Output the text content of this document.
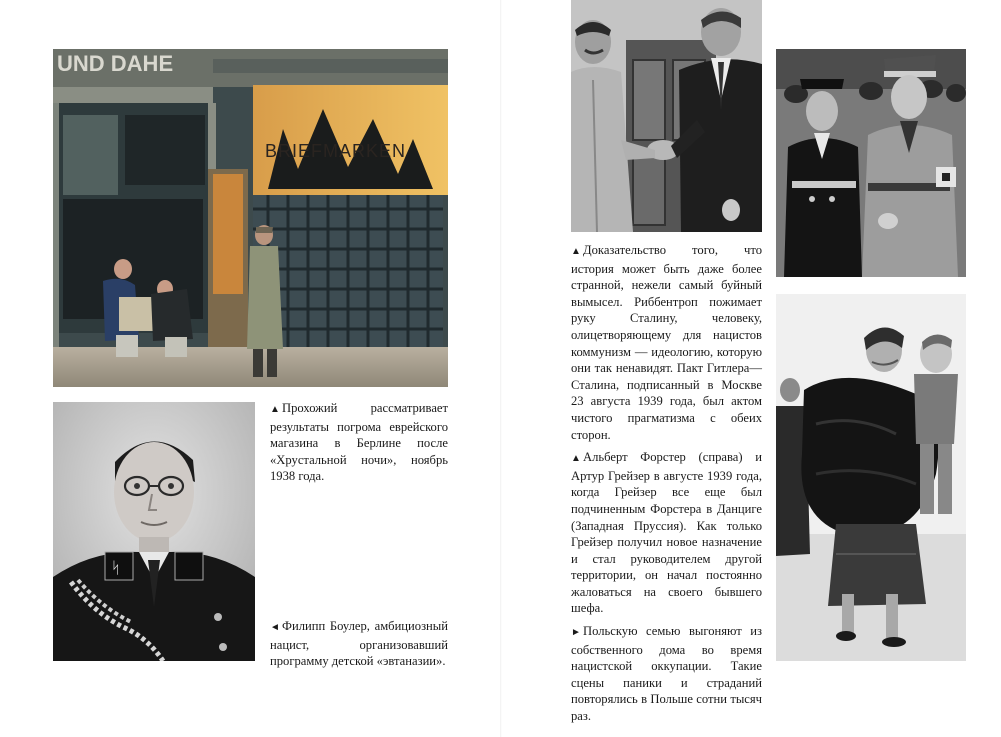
UND DAHE
BRIEFMARKEN
ᛋ

▲ Прохожий рассматривает результаты погрома еврейского магазина в Берлине после «Хрустальной ночи», ноябрь 1938 года.

◄ Филипп Боулер, амбициозный нацист, организовавший программу детской «эвтаназии».

▲ Доказательство того, что история может быть даже более странной, нежели самый буйный вымысел. Риббентроп пожимает руку Сталину, человеку, олицетворяющему для нацистов коммунизм — идеологию, которую они так ненавидят. Пакт Гитлера—Сталина, подписанный в Москве 23 августа 1939 года, был актом чистого прагматизма с обеих сторон.

▲ Альберт Форстер (справа) и Артур Грейзер в августе 1939 года, когда Грейзер все еще был подчиненным Форстера в Данциге (Западная Пруссия). Как только Грейзер получил новое назначение и стал руководителем другой территории, он начал постоянно жаловаться на своего бывшего шефа.

► Польскую семью выгоняют из собственного дома во время нацистской оккупации. Такие сцены паники и страданий повторялись в Польше сотни тысяч раз.
